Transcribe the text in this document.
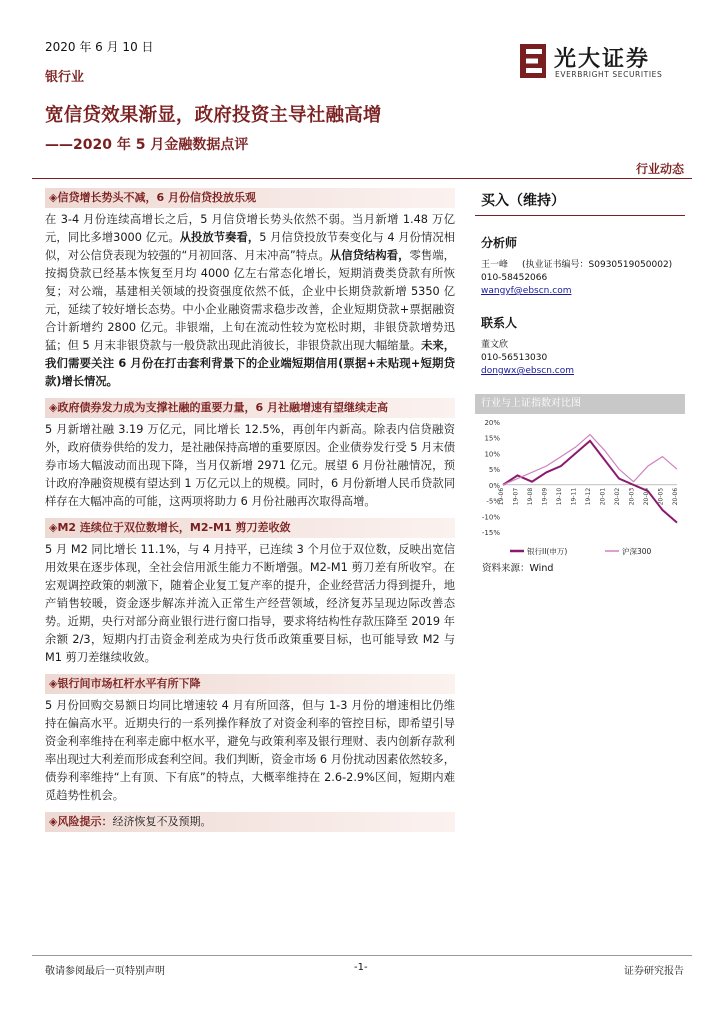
2020 年 6 月 10 日
银行业
宽信贷效果渐显，政府投资主导社融高增
——2020 年 5 月金融数据点评
光大证券
EVERBRIGHT SECURITIES
行业动态
◈信贷增长势头不减，6 月份信贷投放乐观
在 3-4 月份连续高增长之后，5 月信贷增长势头依然不弱。当月新增 1.48 万亿元，同比多增3000 亿元。从投放节奏看，5 月信贷投放节奏变化与 4 月份情况相似，对公信贷表现为较强的“月初回落、月末冲高”特点。从信贷结构看，零售端，按揭贷款已经基本恢复至月均 4000 亿左右常态化增长，短期消费类贷款有所恢复；对公端，基建相关领域的投资强度依然不低，企业中长期贷款新增 5350 亿元，延续了较好增长态势。中小企业融资需求稳步改善，企业短期贷款+票据融资合计新增约 2800 亿元。非银端，上旬在流动性较为宽松时期，非银贷款增势迅猛；但 5 月末非银贷款与一般贷款出现此消彼长，非银贷款出现大幅缩量。未来，我们需要关注 6 月份在打击套利背景下的企业端短期信用(票据+未贴现+短期贷款)增长情况。
◈政府债券发力成为支撑社融的重要力量，6 月社融增速有望继续走高
5 月新增社融 3.19 万亿元，同比增长 12.5%，再创年内新高。除表内信贷融资外，政府债券供给的发力，是社融保持高增的重要原因。企业债券发行受 5 月末债券市场大幅波动而出现下降，当月仅新增 2971 亿元。展望 6 月份社融情况，预计政府净融资规模有望达到 1 万亿元以上的规模。同时，6 月份新增人民币贷款同样存在大幅冲高的可能，这两项将助力 6 月份社融再次取得高增。
◈M2 连续位于双位数增长，M2-M1 剪刀差收敛
5 月 M2 同比增长 11.1%，与 4 月持平，已连续 3 个月位于双位数，反映出宽信用效果在逐步体现，全社会信用派生能力不断增强。M2-M1 剪刀差有所收窄。在宏观调控政策的刺激下，随着企业复工复产率的提升，企业经营活力得到提升，地产销售较暖，资金逐步解冻并流入正常生产经营领域，经济复苏呈现边际改善态势。近期，央行对部分商业银行进行窗口指导，要求将结构性存款压降至 2019 年余额 2/3，短期内打击资金利差成为央行货币政策重要目标，也可能导致 M2 与 M1 剪刀差继续收敛。
◈银行间市场杠杆水平有所下降
5 月份回购交易额日均同比增速较 4 月有所回落，但与 1-3 月份的增速相比仍维持在偏高水平。近期央行的一系列操作释放了对资金利率的管控目标，即希望引导资金利率维持在利率走廊中枢水平，避免与政策利率及银行理财、表内创新存款利率出现过大利差而形成套利空间。我们判断，资金市场 6 月份扰动因素依然较多，债券利率维持“上有顶、下有底”的特点，大概率维持在 2.6-2.9%区间，短期内难觅趋势性机会。
◈风险提示：经济恢复不及预期。
买入（维持）
分析师
王一峰 (执业证书编号：S0930519050002)
010-58452066
wangyf@ebscn.com
联系人
董文欣
010-56513030
dongwx@ebscn.com
行业与上证指数对比图
20%
15%
10%
5%
0%
-5%
-10%
-15%
19-06 19-07 19-08 19-09 19-10 19-11 19-12 20-01 20-02 20-03 20-04 20-05 20-06
银行II(申万)	沪深300
资料来源：Wind
敬请参阅最后一页特别声明	-1-	证券研究报告
